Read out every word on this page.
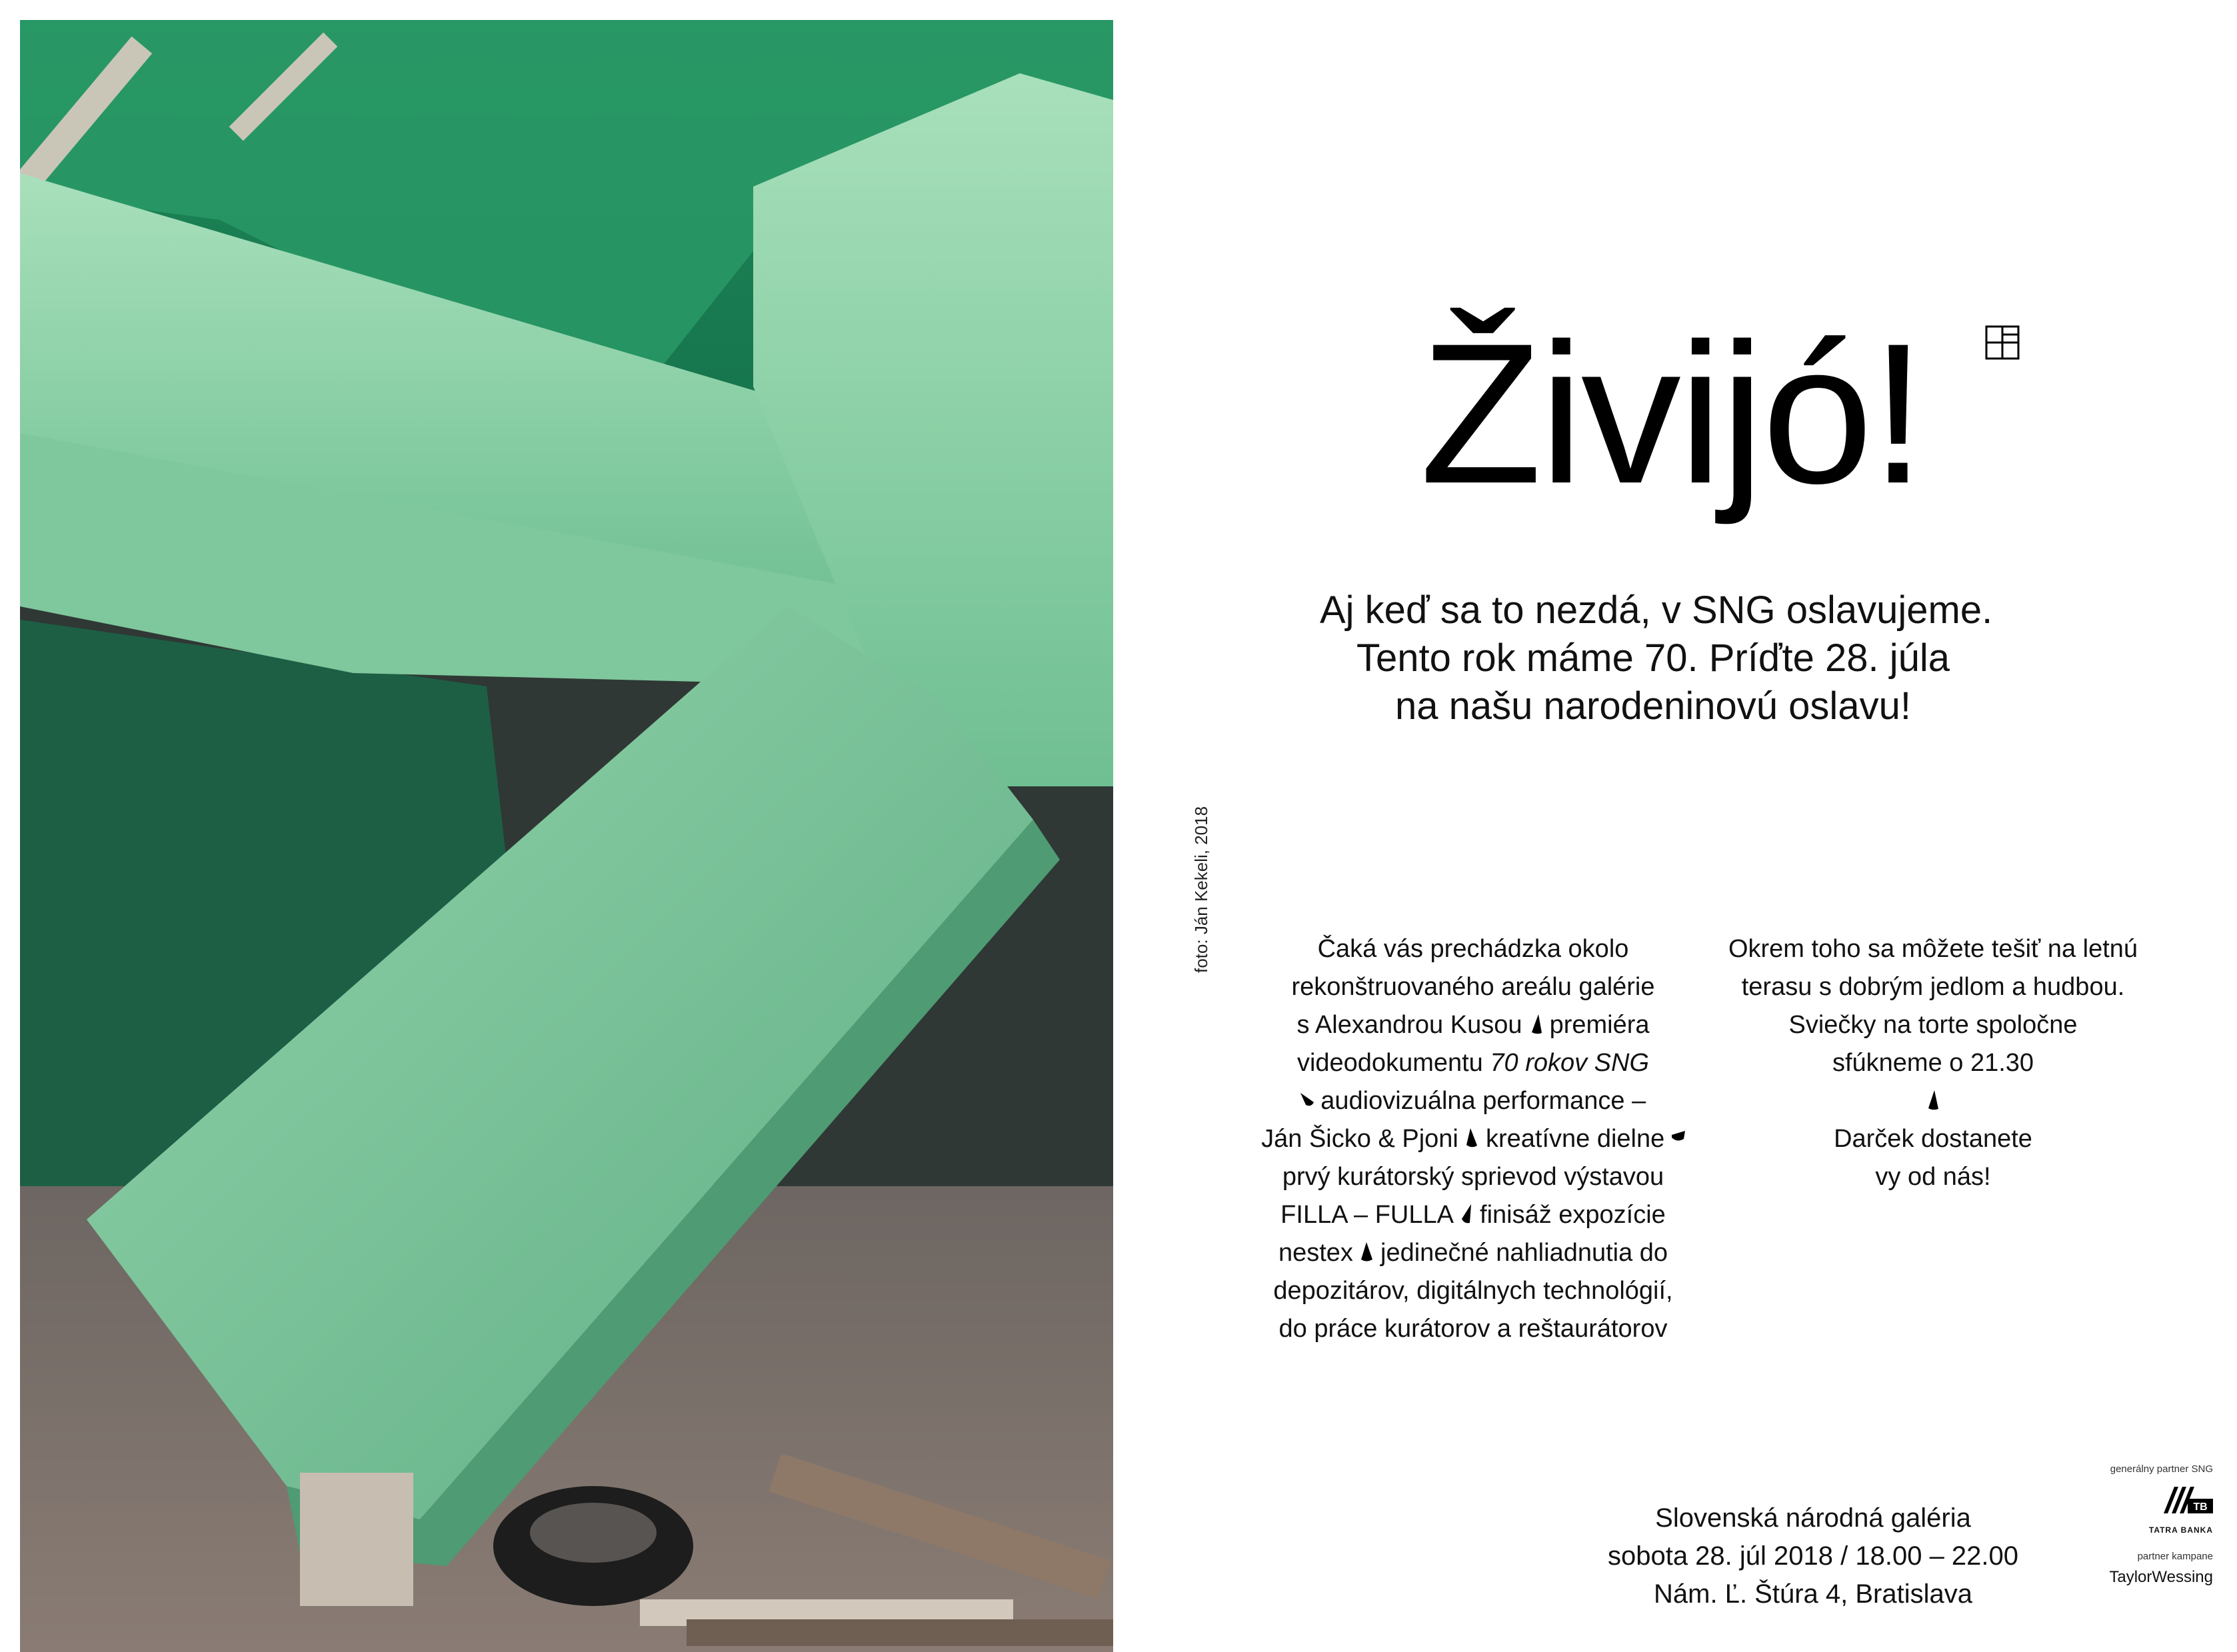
foto: Ján Kekeli, 2018
Živijó!
Aj keď sa to nezdá, v SNG oslavujeme.
Tento rok máme 70. Príďte 28. júla
na našu narodeninovú oslavu!
Čaká vás prechádzka okolo
rekonštruovaného areálu galérie
s Alexandrou Kusou premiéra
videodokumentu 70 rokov SNG
audiovizuálna performance –
Ján Šicko & Pjoni kreatívne dielne
prvý kurátorský sprievod výstavou
FILLA – FULLA finisáž expozície
nestex jedinečné nahliadnutia do
depozitárov, digitálnych technológií,
do práce kurátorov a reštaurátorov
Okrem toho sa môžete tešiť na letnú
terasu s dobrým jedlom a hudbou.
Sviečky na torte spoločne
sfúkneme o 21.30
Darček dostanete
vy od nás!
Slovenská národná galéria
sobota 28. júl 2018 / 18.00 – 22.00
Nám. Ľ. Štúra 4, Bratislava
generálny partner SNG
TB
TATRA BANKA
partner kampane
TaylorWessing
